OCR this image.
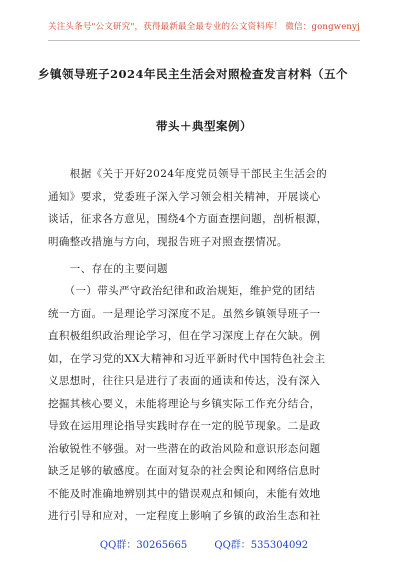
关注头条号"公文研究"，获得最新最全最专业的公文资料库！ 微信：gongwenyj
乡镇领导班子2024年民主生活会对照检查发言材料（五个
带头＋典型案例）
　　根据《关于开好2024年度党员领导干部民主生活会的
通知》要求，党委班子深入学习领会相关精神，开展谈心
谈话，征求各方意见，围绕4个方面查摆问题，剖析根源，
明确整改措施与方向，现报告班子对照查摆情况。
　　一、存在的主要问题
　　（一）带头严守政治纪律和政治规矩，维护党的团结
统一方面。一是理论学习深度不足。虽然乡镇领导班子一
直积极组织政治理论学习，但在学习深度上存在欠缺。例
如，在学习党的XX大精神和习近平新时代中国特色社会主
义思想时，往往只是进行了表面的通读和传达，没有深入
挖掘其核心要义，未能将理论与乡镇实际工作充分结合，
导致在运用理论指导实践时存在一定的脱节现象。二是政
治敏锐性不够强。对一些潜在的政治风险和意识形态问题
缺乏足够的敏感度。在面对复杂的社会舆论和网络信息时
不能及时准确地辨别其中的错误观点和倾向，未能有效地
进行引导和应对，一定程度上影响了乡镇的政治生态和社
QQ群：30265665	QQ群：535304092
